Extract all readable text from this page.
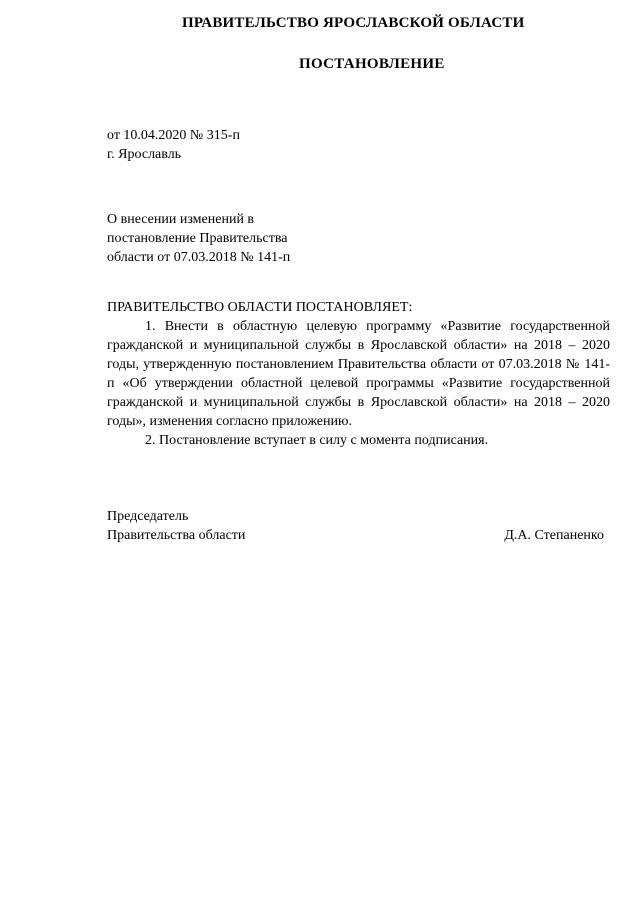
ПРАВИТЕЛЬСТВО ЯРОСЛАВСКОЙ ОБЛАСТИ
ПОСТАНОВЛЕНИЕ
от 10.04.2020 № 315-п
г. Ярославль
О внесении изменений в
постановление Правительства
области от 07.03.2018 № 141-п
ПРАВИТЕЛЬСТВО ОБЛАСТИ ПОСТАНОВЛЯЕТ:

1. Внести в областную целевую программу «Развитие государственной гражданской и муниципальной службы в Ярославской области» на 2018 – 2020 годы, утвержденную постановлением Правительства области от 07.03.2018 № 141-п «Об утверждении областной целевой программы «Развитие государственной гражданской и муниципальной службы в Ярославской области» на 2018 – 2020 годы», изменения согласно приложению.

2. Постановление вступает в силу с момента подписания.

Председатель
Правительства области	Д.А. Степаненко
